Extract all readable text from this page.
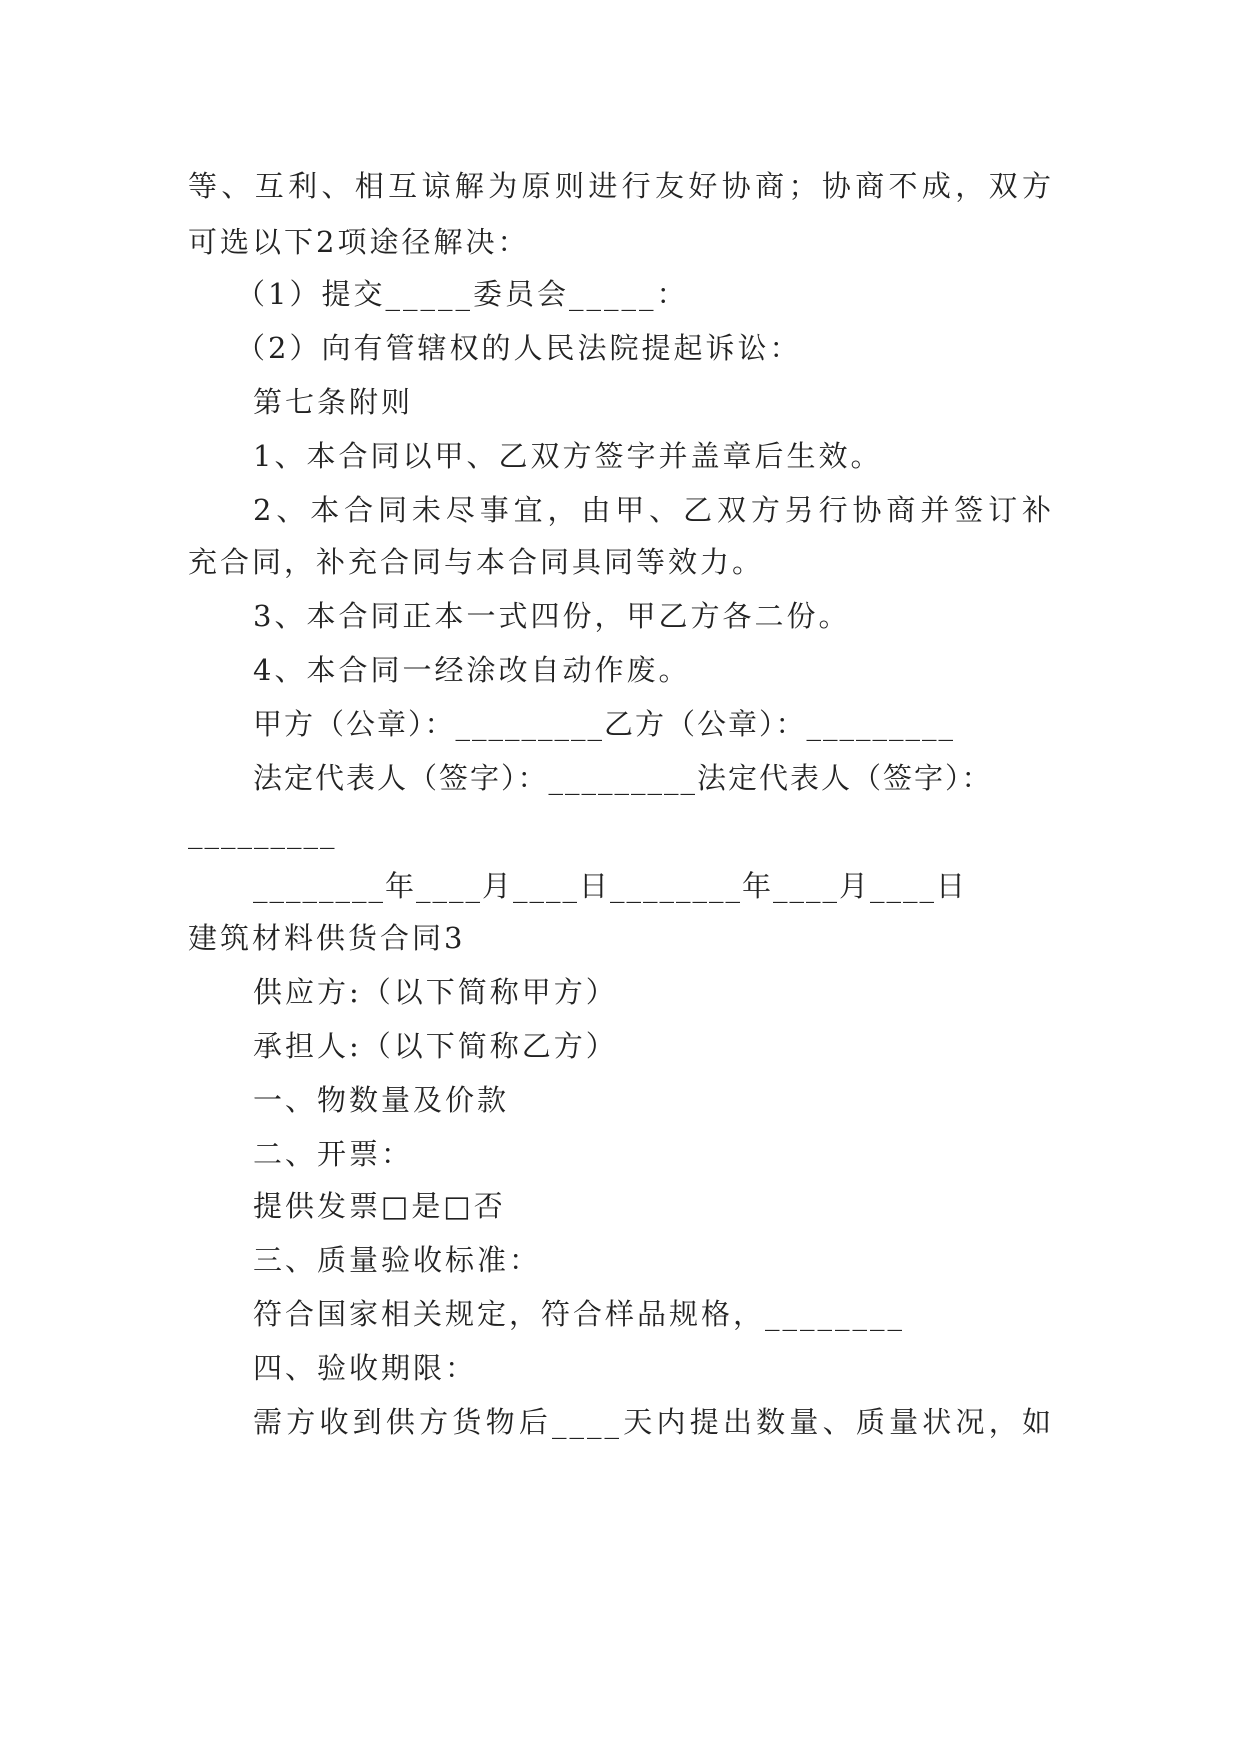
等、互利、相互谅解为原则进行友好协商；协商不成，双方
可选以下2项途径解决：
（1）提交_____委员会_____：
（2）向有管辖权的人民法院提起诉讼：
第七条附则
1、本合同以甲、乙双方签字并盖章后生效。
2、本合同未尽事宜，由甲、乙双方另行协商并签订补
充合同，补充合同与本合同具同等效力。
3、本合同正本一式四份，甲乙方各二份。
4、本合同一经涂改自动作废。
甲方（公章）：_________乙方（公章）：_________
法定代表人（签字）：_________法定代表人（签字）：
_________
________年____月____日________年____月____日
建筑材料供货合同3
供应方:（以下简称甲方）
承担人:（以下简称乙方）
一、物数量及价款
二、开票：
提供发票□是□否
三、质量验收标准：
符合国家相关规定，符合样品规格，________
四、验收期限：
需方收到供方货物后____天内提出数量、质量状况，如
